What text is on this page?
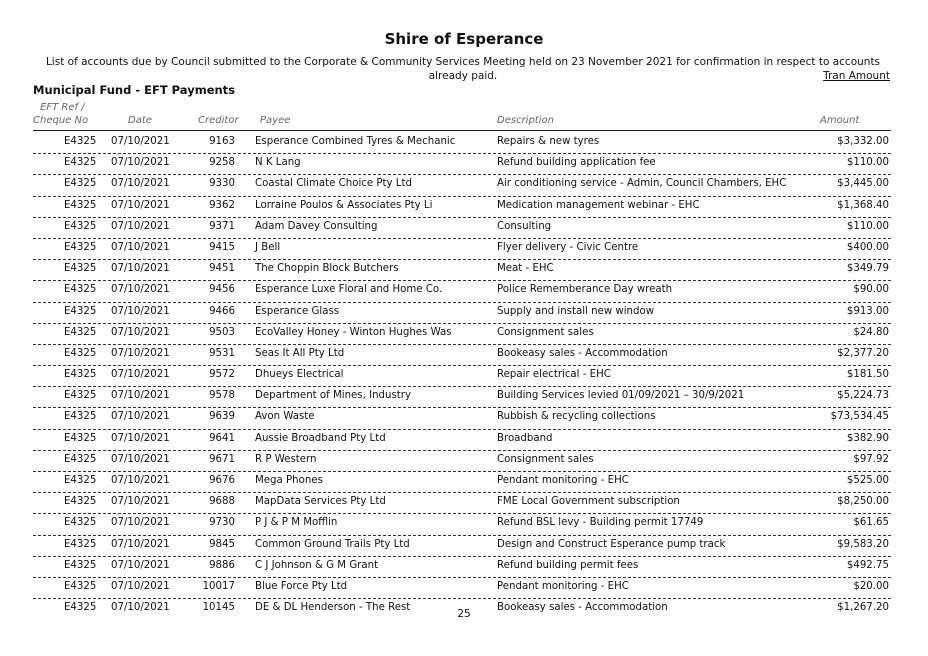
Shire of Esperance
List of accounts due by Council submitted to the Corporate & Community Services Meeting held on 23 November 2021 for confirmation in respect to accounts already paid.	Tran Amount
Municipal Fund - EFT Payments
EFT Ref /
Cheque No	Date	Creditor Payee	Description	Amount
E4325 07/10/2021	9163 Esperance Combined Tyres & Mechanic	Repairs & new tyres	$3,332.00
E4325 07/10/2021	9258 N K Lang	Refund building application fee	$110.00
E4325 07/10/2021	9330 Coastal Climate Choice Pty Ltd	Air conditioning service - Admin, Council Chambers, EHC	$3,445.00
E4325 07/10/2021	9362 Lorraine Poulos & Associates Pty Li	Medication management webinar - EHC	$1,368.40
E4325 07/10/2021	9371 Adam Davey Consulting	Consulting	$110.00
E4325 07/10/2021	9415 J Bell	Flyer delivery - Civic Centre	$400.00
E4325 07/10/2021	9451 The Choppin Block Butchers	Meat - EHC	$349.79
E4325 07/10/2021	9456 Esperance Luxe Floral and Home Co.	Police Rememberance Day wreath	$90.00
E4325 07/10/2021	9466 Esperance Glass	Supply and install new window	$913.00
E4325 07/10/2021	9503 EcoValley Honey - Winton Hughes Was	Consignment sales	$24.80
E4325 07/10/2021	9531 Seas It All Pty Ltd	Bookeasy sales - Accommodation	$2,377.20
E4325 07/10/2021	9572 Dhueys Electrical	Repair electrical - EHC	$181.50
E4325 07/10/2021	9578 Department of Mines, Industry	Building Services levied 01/09/2021 – 30/9/2021	$5,224.73
E4325 07/10/2021	9639 Avon Waste	Rubbish & recycling collections	$73,534.45
E4325 07/10/2021	9641 Aussie Broadband Pty Ltd	Broadband	$382.90
E4325 07/10/2021	9671 R P Western	Consignment sales	$97.92
E4325 07/10/2021	9676 Mega Phones	Pendant monitoring - EHC	$525.00
E4325 07/10/2021	9688 MapData Services Pty Ltd	FME Local Government subscription	$8,250.00
E4325 07/10/2021	9730 P J & P M Mofflin	Refund BSL levy - Building permit 17749	$61.65
E4325 07/10/2021	9845 Common Ground Trails Pty Ltd	Design and Construct Esperance pump track	$9,583.20
E4325 07/10/2021	9886 C J Johnson & G M Grant	Refund building permit fees	$492.75
E4325 07/10/2021	10017 Blue Force Pty Ltd	Pendant monitoring - EHC	$20.00
E4325 07/10/2021	10145 DE & DL Henderson - The Rest	Bookeasy sales - Accommodation	$1,267.20
25
